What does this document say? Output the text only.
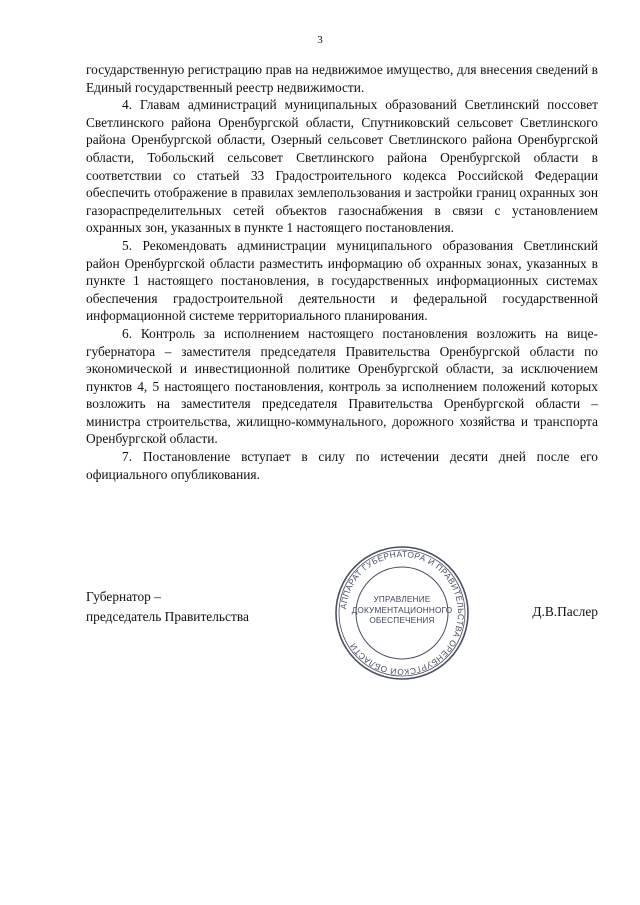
3

государственную регистрацию прав на недвижимое имущество, для внесения сведений в Единый государственный реестр недвижимости.

4. Главам администраций муниципальных образований Светлинский поссовет Светлинского района Оренбургской области, Спутниковский сельсовет Светлинского района Оренбургской области, Озерный сельсовет Светлинского района Оренбургской области, Тобольский сельсовет Светлинского района Оренбургской области в соответствии со статьей 33 Градостроительного кодекса Российской Федерации обеспечить отображение в правилах землепользования и застройки границ охранных зон газораспределительных сетей объектов газоснабжения в связи с установлением охранных зон, указанных в пункте 1 настоящего постановления.

5. Рекомендовать администрации муниципального образования Светлинский район Оренбургской области разместить информацию об охранных зонах, указанных в пункте 1 настоящего постановления, в государственных информационных системах обеспечения градостроительной деятельности и федеральной государственной информационной системе территориального планирования.

6. Контроль за исполнением настоящего постановления возложить на вице-губернатора – заместителя председателя Правительства Оренбургской области по экономической и инвестиционной политике Оренбургской области, за исключением пунктов 4, 5 настоящего постановления, контроль за исполнением положений которых возложить на заместителя председателя Правительства Оренбургской области – министра строительства, жилищно-коммунального, дорожного хозяйства и транспорта Оренбургской области.

7. Постановление вступает в силу по истечении десяти дней после его официального опубликования.

Губернатор –
председатель Правительства
АППАРАТ ГУБЕРНАТОРА И ПРАВИТЕЛЬСТВА ОРЕНБУРГСКОЙ ОБЛАСТИ
УПРАВЛЕНИЕ
ДОКУМЕНТАЦИОННОГО
ОБЕСПЕЧЕНИЯ
Д.В.Паслер
